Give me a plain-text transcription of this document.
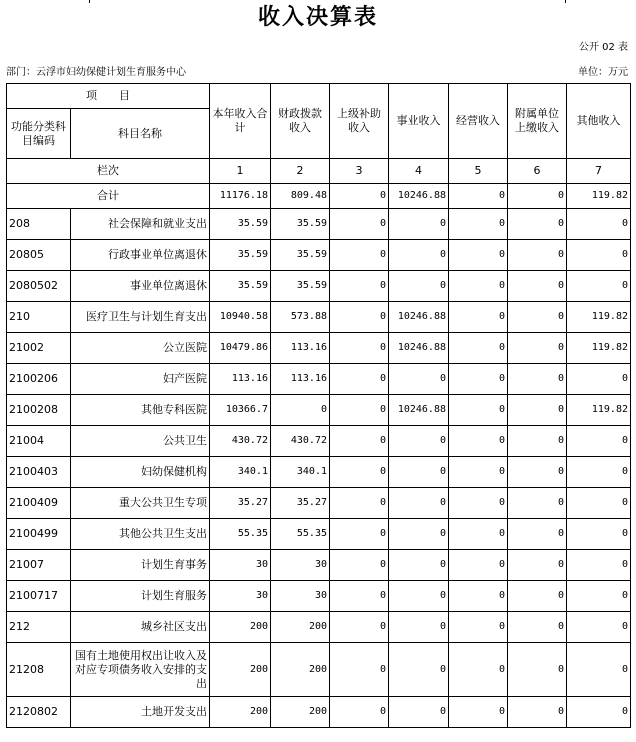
收入决算表
公开 02 表
部门：云浮市妇幼保健计划生育服务中心	单位：万元
项　　目		本年收入合计	财政拨款收入	上级补助收入	事业收入	经营收入	附属单位上缴收入	其他收入
功能分类科目编码	科目名称							
栏次		1	2	3	4	5	6	7
合计		11176.18	809.48	0	10246.88	0	0	119.82
208	社会保障和就业支出	35.59	35.59	0	0	0	0	0
20805	行政事业单位离退休	35.59	35.59	0	0	0	0	0
2080502	事业单位离退休	35.59	35.59	0	0	0	0	0
210	医疗卫生与计划生育支出	10940.58	573.88	0	10246.88	0	0	119.82
21002	公立医院	10479.86	113.16	0	10246.88	0	0	119.82
2100206	妇产医院	113.16	113.16	0	0	0	0	0
2100208	其他专科医院	10366.7	0	0	10246.88	0	0	119.82
21004	公共卫生	430.72	430.72	0	0	0	0	0
2100403	妇幼保健机构	340.1	340.1	0	0	0	0	0
2100409	重大公共卫生专项	35.27	35.27	0	0	0	0	0
2100499	其他公共卫生支出	55.35	55.35	0	0	0	0	0
21007	计划生育事务	30	30	0	0	0	0	0
2100717	计划生育服务	30	30	0	0	0	0	0
212	城乡社区支出	200	200	0	0	0	0	0
21208	国有土地使用权出让收入及对应专项债务收入安排的支出	200	200	0	0	0	0	0
2120802	土地开发支出	200	200	0	0	0	0	0
